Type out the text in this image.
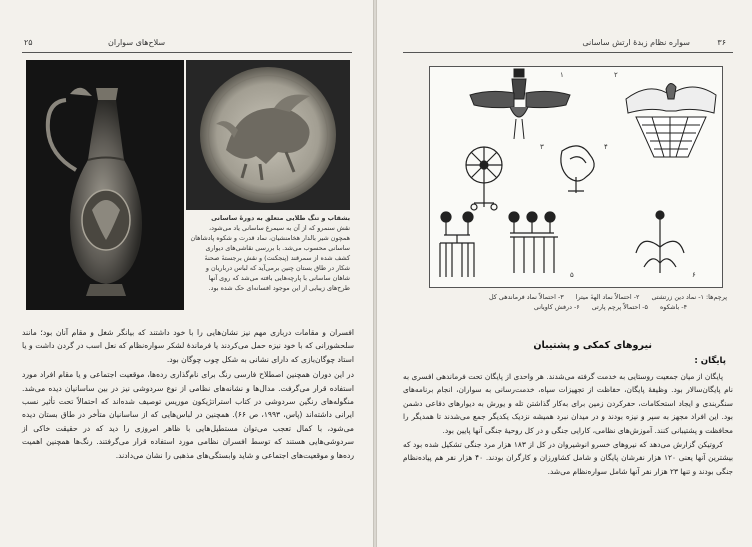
۲۵	سلاح‌های سواران
بشقاب و تنگ طلایی متعلق به دورهٔ ساسانی
نقش سنمرو که از آن به سیمرغ ساسانی یاد می‌شود، همچون شیر بالدار هخامنشیان، نماد قدرت و شکوه پادشاهان ساسانی محسوب می‌شد. با بررسی نقاشی‌های دیواری کشف شده از سمرقند (پنجکنت) و نقش برجستهٔ صحنهٔ شکار در طاق بستان چنین برمی‌آید که لباس درباریان و شاهان ساسانی با پارچه‌هایی بافته می‌شد که روی آنها طرح‌های زیبایی از این موجود افسانه‌ای حک شده بود.

افسران و مقامات درباری مهم نیز نشان‌هایی را با خود داشتند که بیانگر شغل و مقام آنان بود؛ مانند سلحشورانی که با خود نیزه حمل می‌کردند یا فرماندهٔ لشکر سواره‌نظام که نعل اسب در گردن داشت و یا استاد چوگان‌بازی که دارای نشانی به شکل چوب چوگان بود.

در این دوران همچنین اصطلاح فارسی رنگ برای نام‌گذاری رده‌ها، موقعیت اجتماعی و یا مقام افراد مورد استفاده قرار می‌گرفت. مدال‌ها و نشانه‌های نظامی از نوع سردوشی نیز در بین ساسانیان دیده می‌شد. منگوله‌های رنگین سردوشی در کتاب استراتژیکون موریس توصیف شده‌اند که احتمالاً تحت تأثیر نسب ایرانی داشته‌اند (پاس، ۱۹۹۳، ص ۶۶). همچنین در لباس‌هایی که از ساسانیان متأخر در طاق بستان دیده می‌شود، با کمال تعجب می‌توان مستطیل‌هایی با ظاهر امروزی را دید که در حقیقت خاکی از سردوشی‌هایی هستند که توسط افسران نظامی مورد استفاده قرار می‌گرفتند. رنگ‌ها همچنین اهمیت رده‌ها و موقعیت‌های اجتماعی و شاید وابستگی‌های مذهبی را نشان می‌دادند.

۳۶
سواره نظام زبدهٔ ارتش ساسانی
۱	۲
۳	۴
۵	۶
پرچم‌ها: ۱- نماد دین زرتشتی
۲- احتمالاً نماد الههٔ میترا
۳- احتمالاً نماد فرماندهی کل
۴- باشکوه
۵- احتمالاً پرچم پارتی
۶- درفش کاویانی
نیروهای کمکی و پشتیبان
پایگان :

پایگان از میان جمعیت روستایی به خدمت گرفته می‌شدند. هر واحدی از پایگان تحت فرماندهی افسری به نام پایگان‌سالار بود. وظیفهٔ پایگان، حفاظت از تجهیزات سپاه، خدمت‌رسانی به سواران، انجام برنامه‌های سنگربندی و ایجاد استحکامات، حفرکردن زمین برای به‌کار گذاشتن تله و یورش به دیوارهای دفاعی دشمن بود. این افراد مجهز به سپر و نیزه بودند و در میدان نبرد همیشه نزدیک یکدیگر جمع می‌شدند تا همدیگر را محافظت و پشتیبانی کنند. آموزش‌های نظامی، کارایی جنگی و در کل روحیهٔ جنگی آنها پایین بود.

کروتیکن گزارش می‌دهد که نیروهای خسرو انوشیروان در کل از ۱۸۳ هزار مرد جنگی تشکیل شده بود که بیشترین آنها یعنی ۱۲۰ هزار نفرشان پایگان و شامل کشاورزان و کارگران بودند. ۴۰ هزار نفر هم پیاده‌نظام جنگی بودند و تنها ۲۳ هزار نفر آنها شامل سواره‌نظام می‌شد.
